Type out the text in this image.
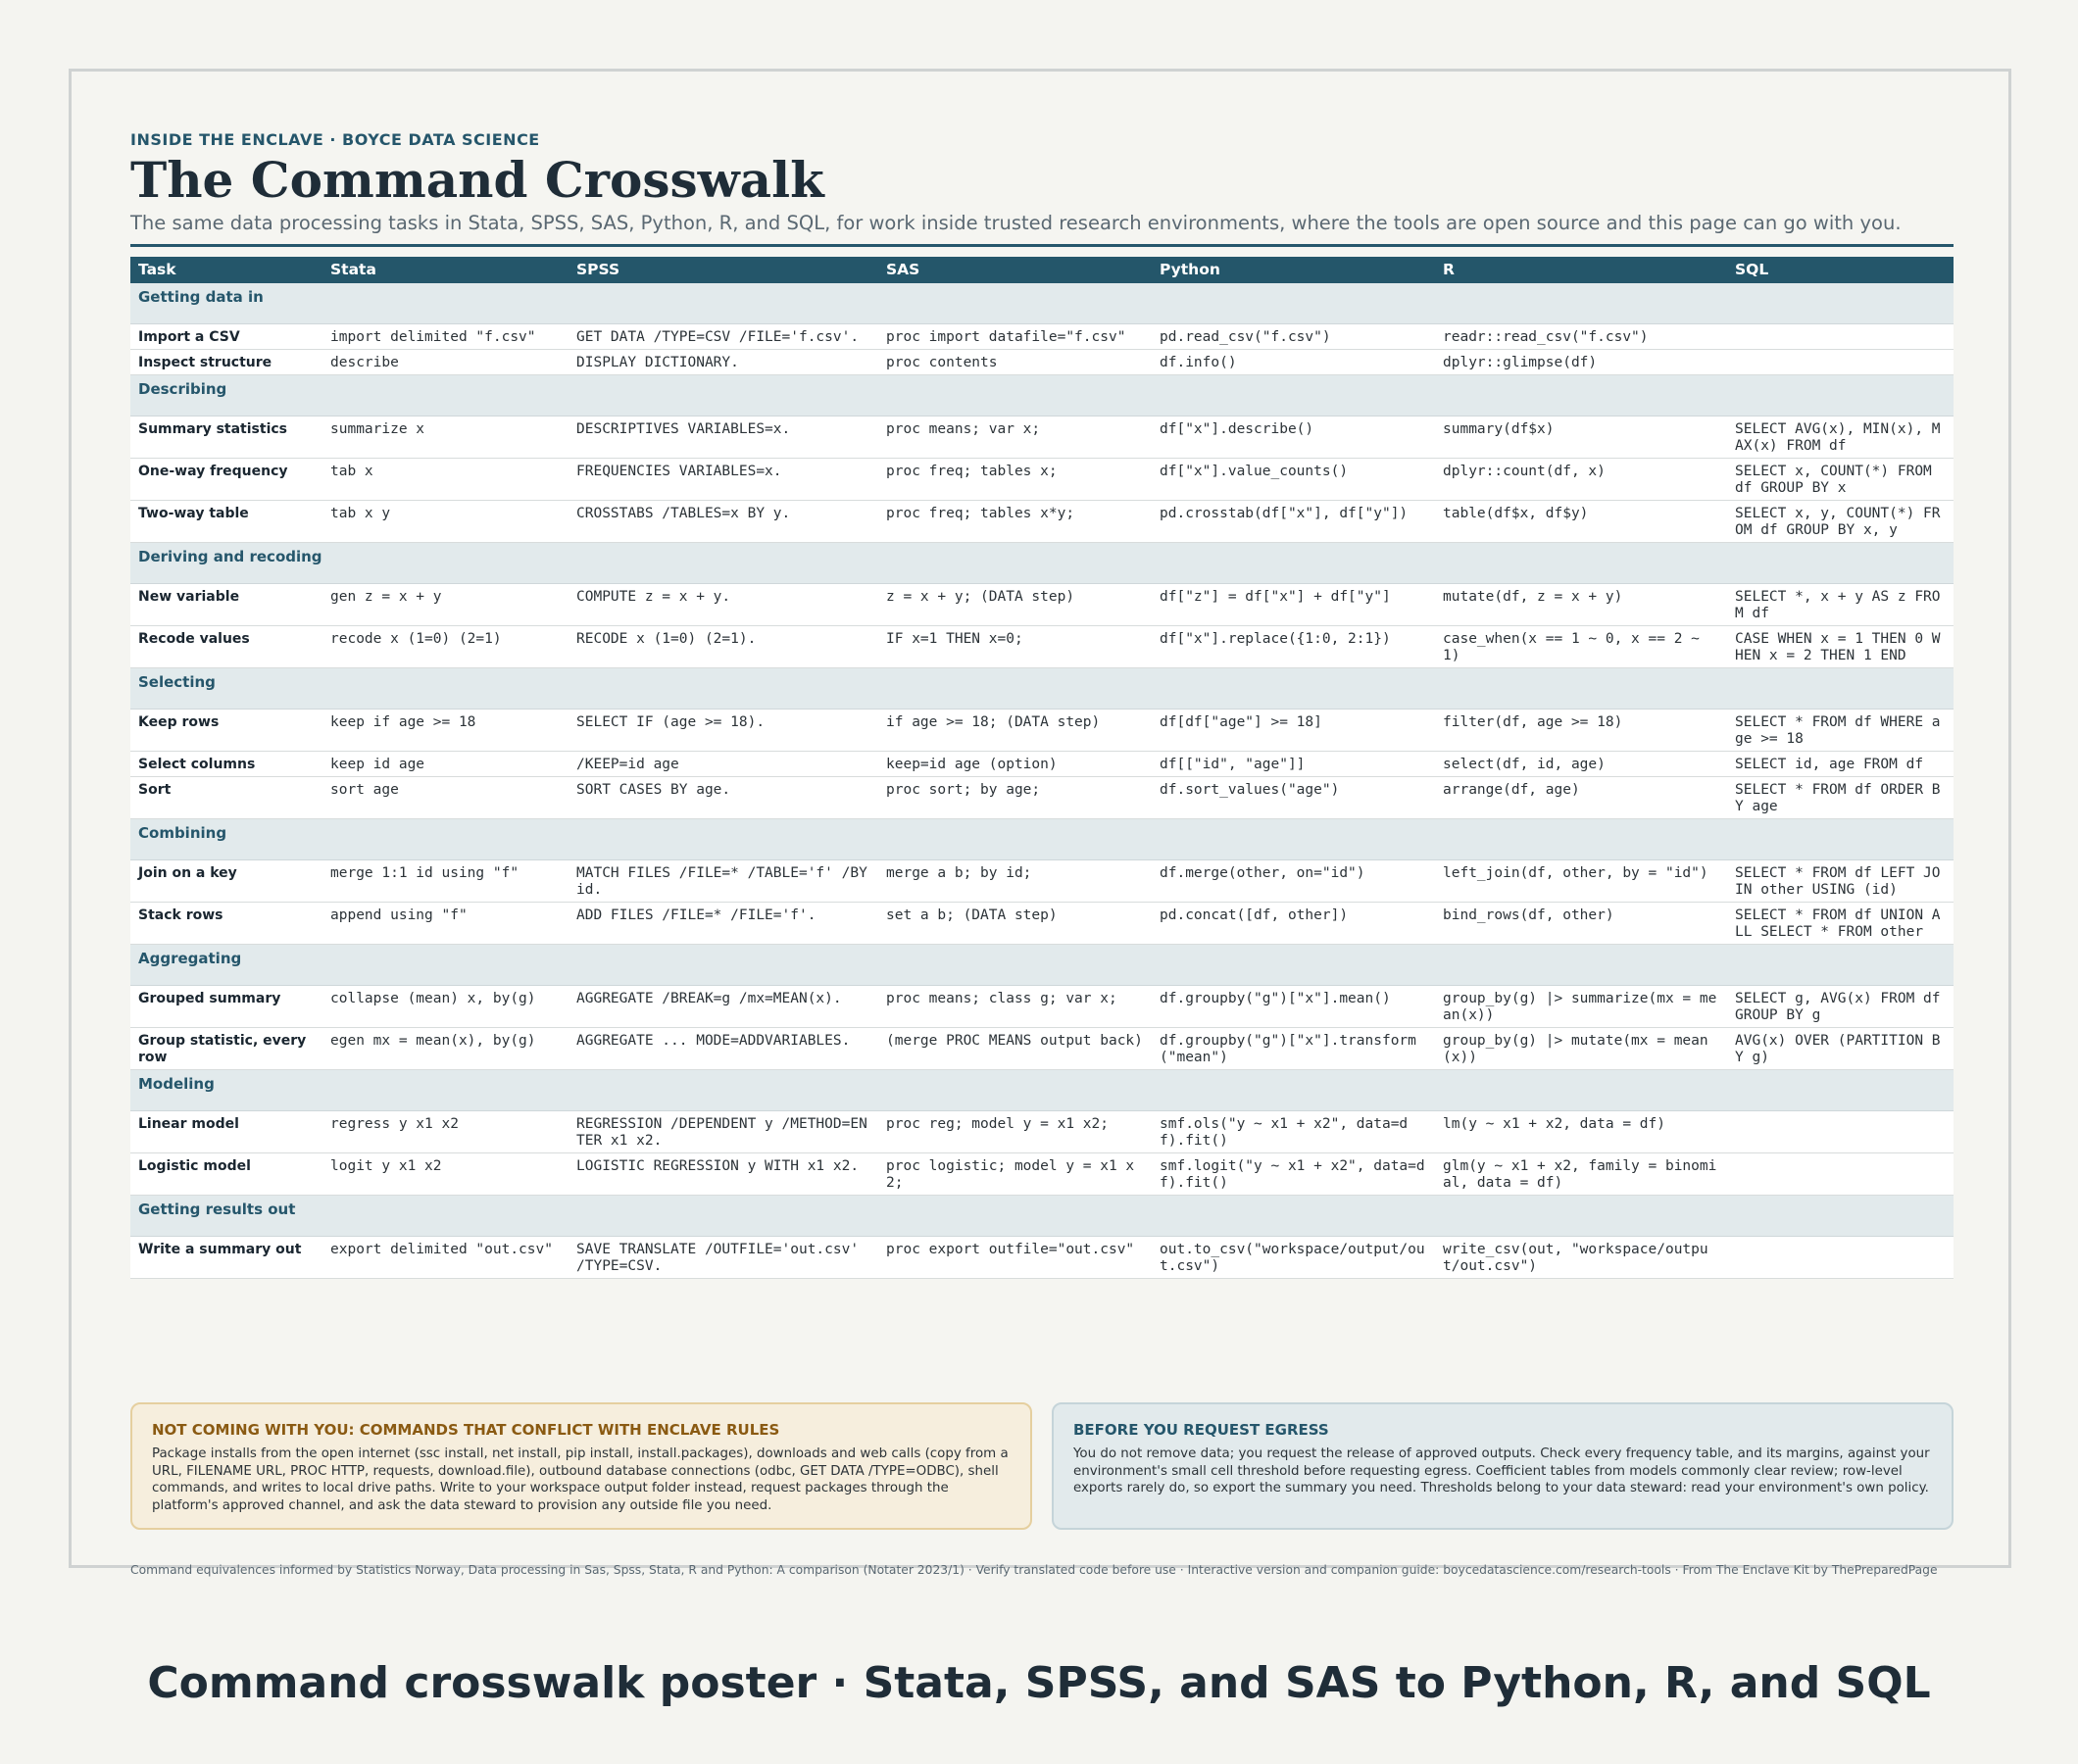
INSIDE THE ENCLAVE · BOYCE DATA SCIENCE
The Command Crosswalk
The same data processing tasks in Stata, SPSS, SAS, Python, R, and SQL, for work inside trusted research environments, where the tools are open source and this page can go with you.
Task	Stata	SPSS	SAS	Python	R	SQL
Getting data in						
Import a CSV	import delimited "f.csv"	GET DATA /TYPE=CSV /FILE='f.csv'.	proc import datafile="f.csv"	pd.read_csv("f.csv")	readr::read_csv("f.csv")	
Inspect structure	describe	DISPLAY DICTIONARY.	proc contents	df.info()	dplyr::glimpse(df)	
Describing						
Summary statistics	summarize x	DESCRIPTIVES VARIABLES=x.	proc means; var x;	df["x"].describe()	summary(df$x)	SELECT AVG(x), MIN(x), MAX(x) FROM df
One-way frequency	tab x	FREQUENCIES VARIABLES=x.	proc freq; tables x;	df["x"].value_counts()	dplyr::count(df, x)	SELECT x, COUNT(*) FROM df GROUP BY x
Two-way table	tab x y	CROSSTABS /TABLES=x BY y.	proc freq; tables x*y;	pd.crosstab(df["x"], df["y"])	table(df$x, df$y)	SELECT x, y, COUNT(*) FROM df GROUP BY x, y
Deriving and recoding						
New variable	gen z = x + y	COMPUTE z = x + y.	z = x + y; (DATA step)	df["z"] = df["x"] + df["y"]	mutate(df, z = x + y)	SELECT *, x + y AS z FROM df
Recode values	recode x (1=0) (2=1)	RECODE x (1=0) (2=1).	IF x=1 THEN x=0;	df["x"].replace({1:0, 2:1})	case_when(x == 1 ~ 0, x == 2 ~ 1)	CASE WHEN x = 1 THEN 0 WHEN x = 2 THEN 1 END
Selecting						
Keep rows	keep if age >= 18	SELECT IF (age >= 18).	if age >= 18; (DATA step)	df[df["age"] >= 18]	filter(df, age >= 18)	SELECT * FROM df WHERE age >= 18
Select columns	keep id age	/KEEP=id age	keep=id age (option)	df[["id", "age"]]	select(df, id, age)	SELECT id, age FROM df
Sort	sort age	SORT CASES BY age.	proc sort; by age;	df.sort_values("age")	arrange(df, age)	SELECT * FROM df ORDER BY age
Combining						
Join on a key	merge 1:1 id using "f"	MATCH FILES /FILE=* /TABLE='f' /BY id.	merge a b; by id;	df.merge(other, on="id")	left_join(df, other, by = "id")	SELECT * FROM df LEFT JOIN other USING (id)
Stack rows	append using "f"	ADD FILES /FILE=* /FILE='f'.	set a b; (DATA step)	pd.concat([df, other])	bind_rows(df, other)	SELECT * FROM df UNION ALL SELECT * FROM other
Aggregating						
Grouped summary	collapse (mean) x, by(g)	AGGREGATE /BREAK=g /mx=MEAN(x).	proc means; class g; var x;	df.groupby("g")["x"].mean()	group_by(g) |> summarize(mx = mean(x))	SELECT g, AVG(x) FROM df GROUP BY g
Group statistic, every row	egen mx = mean(x), by(g)	AGGREGATE ... MODE=ADDVARIABLES.	(merge PROC MEANS output back)	df.groupby("g")["x"].transform("mean")	group_by(g) |> mutate(mx = mean(x))	AVG(x) OVER (PARTITION BY g)
Modeling						
Linear model	regress y x1 x2	REGRESSION /DEPENDENT y /METHOD=ENTER x1 x2.	proc reg; model y = x1 x2;	smf.ols("y ~ x1 + x2", data=df).fit()	lm(y ~ x1 + x2, data = df)	
Logistic model	logit y x1 x2	LOGISTIC REGRESSION y WITH x1 x2.	proc logistic; model y = x1 x2;	smf.logit("y ~ x1 + x2", data=df).fit()	glm(y ~ x1 + x2, family = binomial, data = df)	
Getting results out						
Write a summary out	export delimited "out.csv"	SAVE TRANSLATE /OUTFILE='out.csv' /TYPE=CSV.	proc export outfile="out.csv"	out.to_csv("workspace/output/out.csv")	write_csv(out, "workspace/output/out.csv")	
NOT COMING WITH YOU: COMMANDS THAT CONFLICT WITH ENCLAVE RULES

Package installs from the open internet (ssc install, net install, pip install, install.packages), downloads and web calls (copy from a URL, FILENAME URL, PROC HTTP, requests, download.file), outbound database connections (odbc, GET DATA /TYPE=ODBC), shell commands, and writes to local drive paths. Write to your workspace output folder instead, request packages through the platform's approved channel, and ask the data steward to provision any outside file you need.

BEFORE YOU REQUEST EGRESS

You do not remove data; you request the release of approved outputs. Check every frequency table, and its margins, against your environment's small cell threshold before requesting egress. Coefficient tables from models commonly clear review; row-level exports rarely do, so export the summary you need. Thresholds belong to your data steward: read your environment's own policy.

Command equivalences informed by Statistics Norway, Data processing in Sas, Spss, Stata, R and Python: A comparison (Notater 2023/1) · Verify translated code before use · Interactive version and companion guide: boycedatascience.com/research-tools · From The Enclave Kit by ThePreparedPage
Command crosswalk poster · Stata, SPSS, and SAS to Python, R, and SQL
